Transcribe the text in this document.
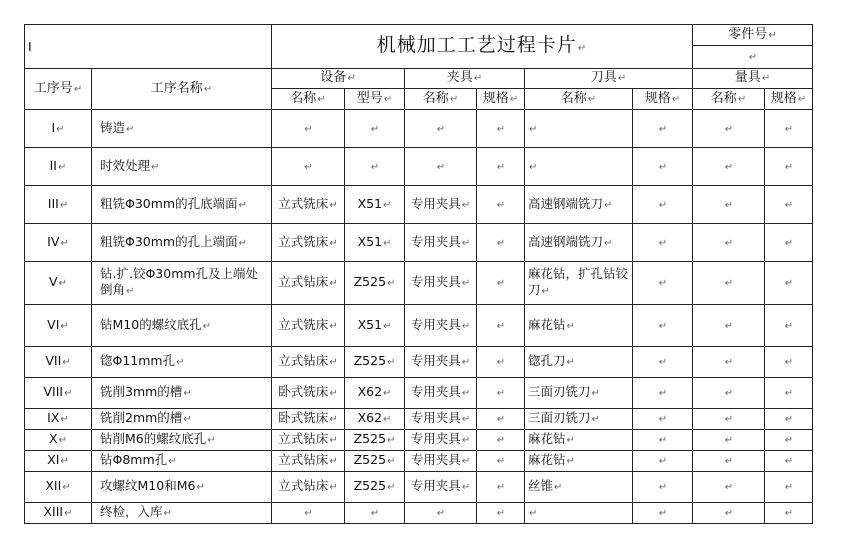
Ⅰ		机械加工工艺过程卡片↵						零件号↵	
								↵	
工序号↵	工序名称↵	设备↵		夹具↵		刀具↵		量具↵	
		名称↵	型号↵	名称↵	规格↵	名称↵	规格↵	名称↵	规格↵
I↵	铸造↵	↵	↵	↵	↵	↵	↵	↵	↵
II↵	时效处理↵	↵	↵	↵	↵	↵	↵	↵	↵
III↵	粗铣Φ30mm的孔底端面↵	立式铣床↵	X51↵	专用夹具↵	↵	高速钢端铣刀↵	↵	↵	↵
IV↵	粗铣Φ30mm的孔上端面↵	立式铣床↵	X51↵	专用夹具↵	↵	高速钢端铣刀↵	↵	↵	↵
V↵	钻.扩.铰Φ30mm孔及上端处倒角↵	立式钻床↵	Z525↵	专用夹具↵	↵	麻花钻，扩孔钻铰刀↵	↵	↵	↵
VI↵	钻M10的螺纹底孔↵	立式铣床↵	X51↵	专用夹具↵	↵	麻花钻↵	↵	↵	↵
VII↵	锪Φ11mm孔↵	立式钻床↵	Z525↵	专用夹具↵	↵	锪孔刀↵	↵	↵	↵
VIII↵	铣削3mm的槽↵	卧式铣床↵	X62↵	专用夹具↵	↵	三面刃铣刀↵	↵	↵	↵
IX↵	铣削2mm的槽↵	卧式铣床↵	X62↵	专用夹具↵	↵	三面刃铣刀↵	↵	↵	↵
X↵	钻削M6的螺纹底孔↵	立式钻床↵	Z525↵	专用夹具↵	↵	麻花钻↵	↵	↵	↵
XI↵	钻Φ8mm孔↵	立式钻床↵	Z525↵	专用夹具↵	↵	麻花钻↵	↵	↵	↵
XII↵	攻螺纹M10和M6↵	立式钻床↵	Z525↵	专用夹具↵	↵	丝锥↵	↵	↵	↵
XIII↵	终检，入库↵	↵	↵	↵	↵	↵	↵	↵	↵
